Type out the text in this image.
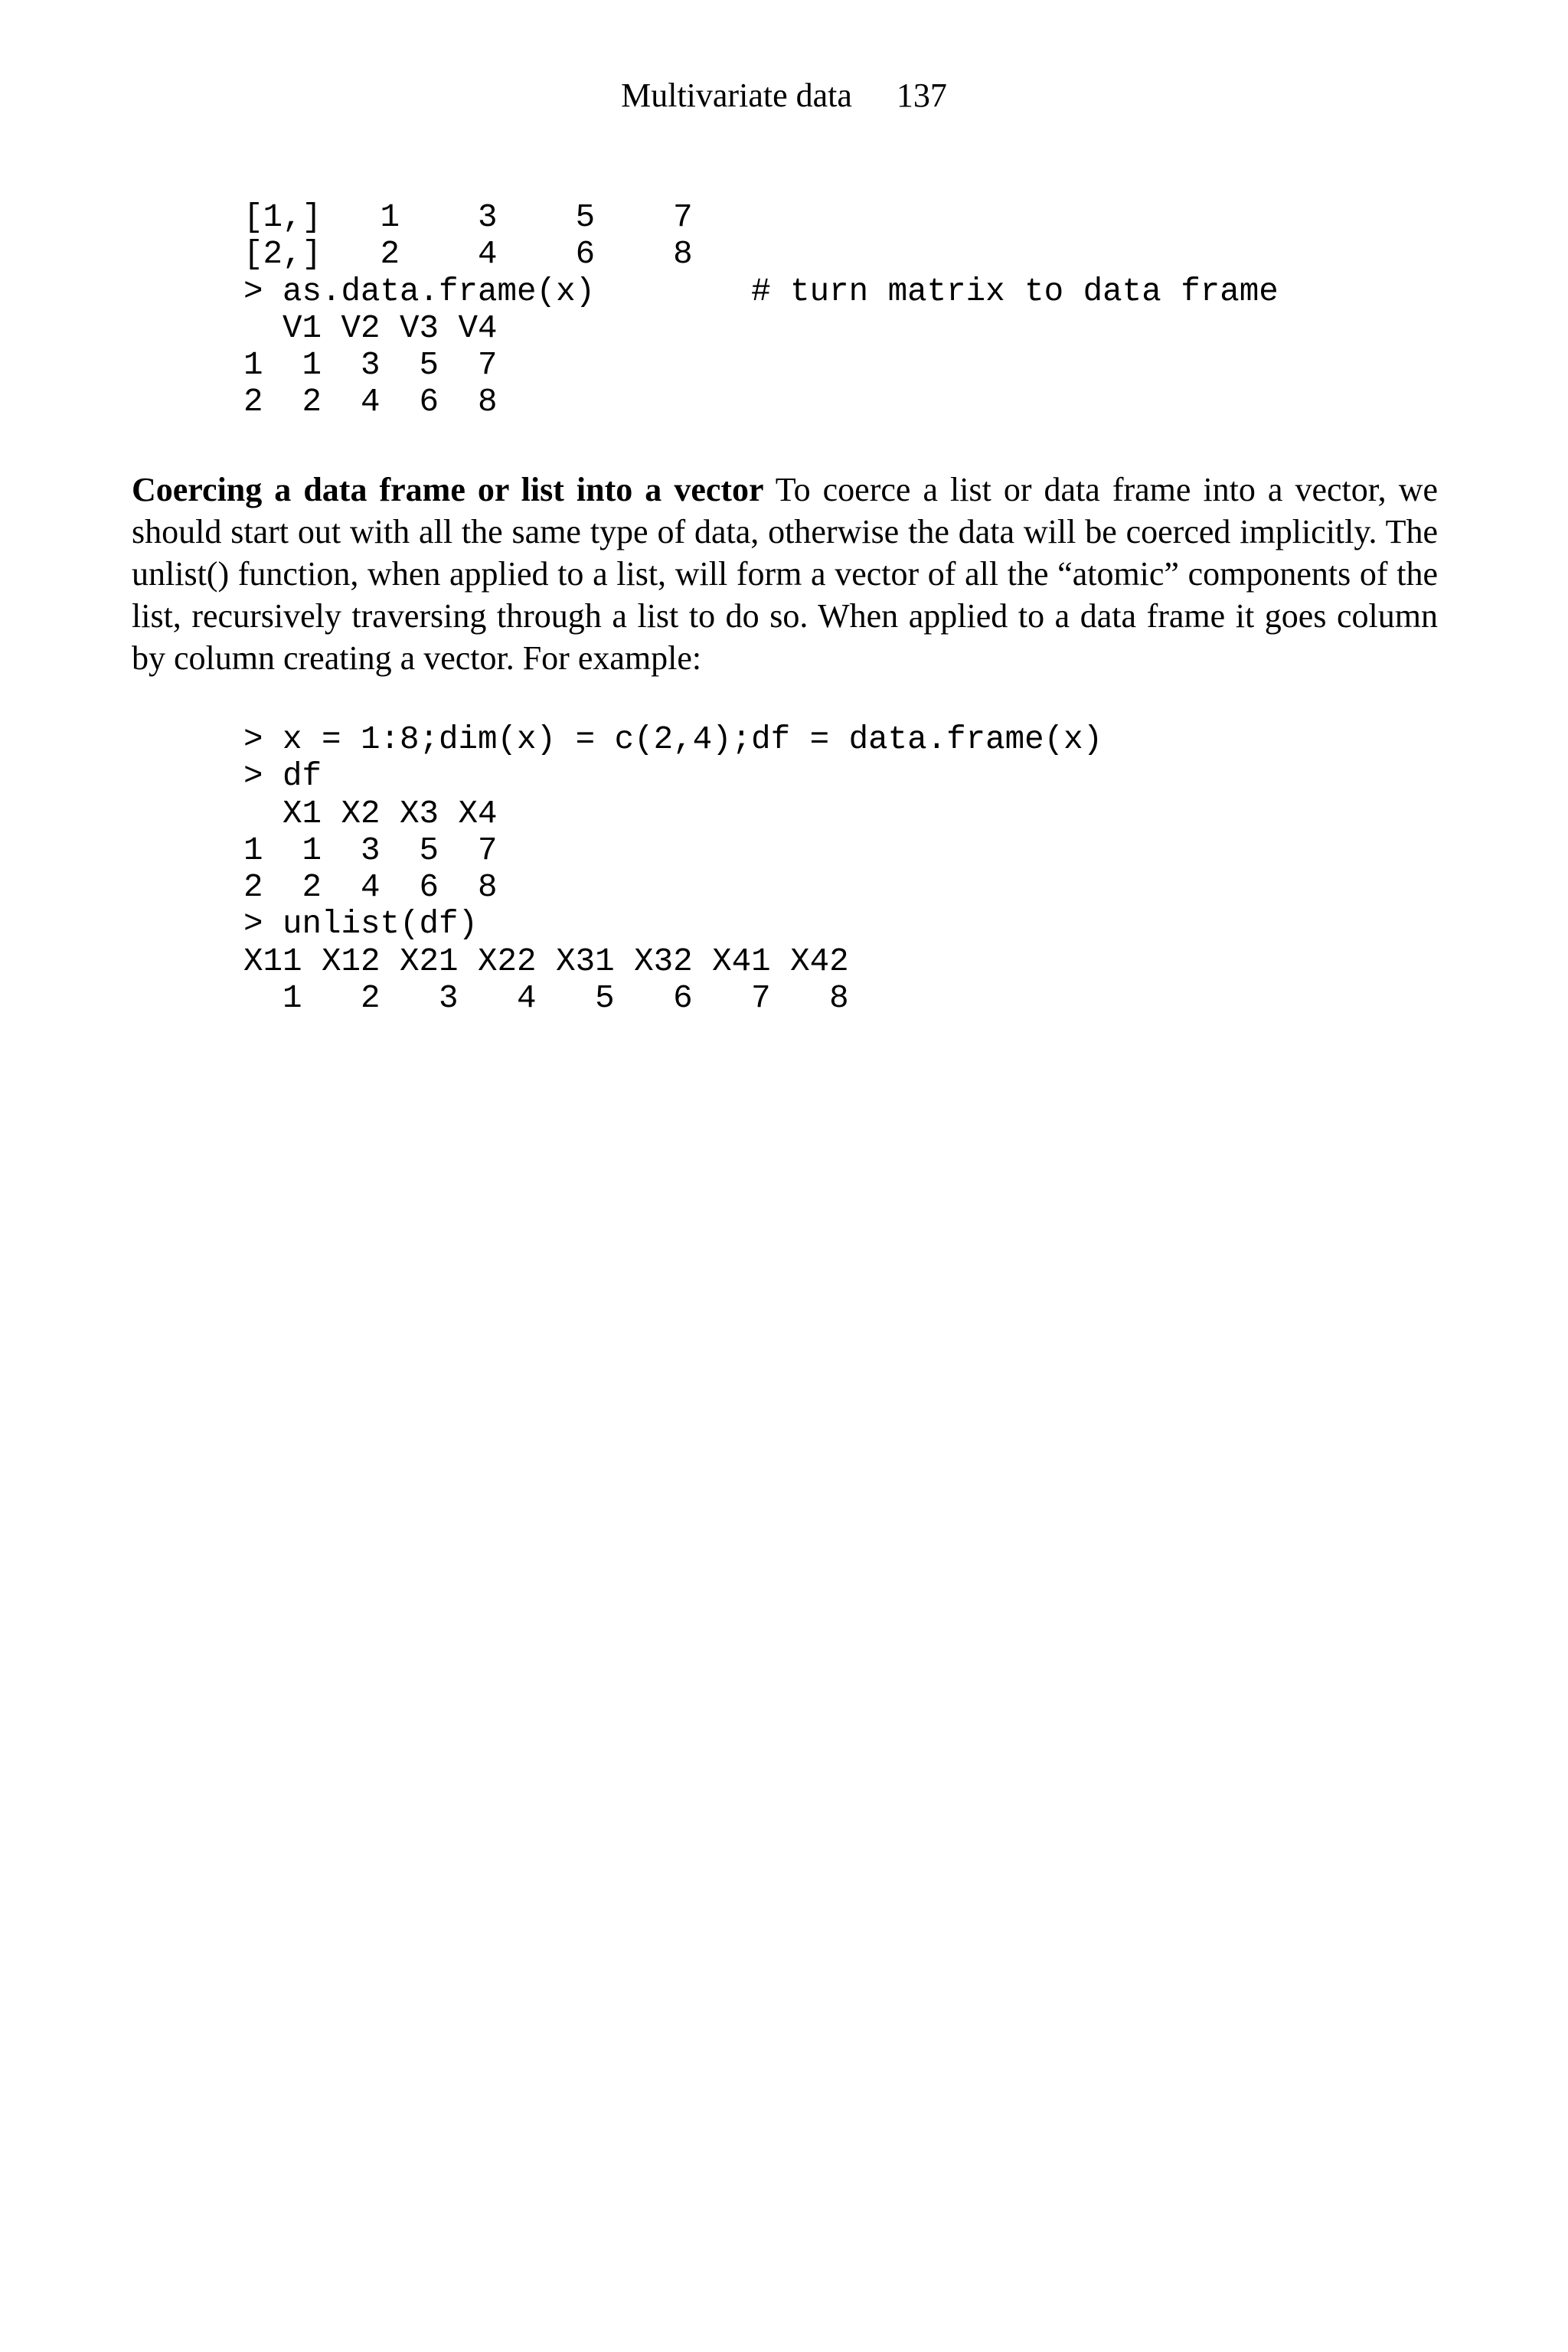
Multivariate data 137
[1,]   1    3    5    7
[2,]   2    4    6    8
> as.data.frame(x)        # turn matrix to data frame
V1 V2 V3 V4
1  1  3  5  7
2  2  4  6  8

Coercing a data frame or list into a vector To coerce a list or data frame into a vector, we should start out with all the same type of data, otherwise the data will be coerced implicitly. The unlist() function, when applied to a list, will form a vector of all the “atomic” components of the list, recursively traversing through a list to do so. When applied to a data frame it goes column by column creating a vector. For example:

> x = 1:8;dim(x) = c(2,4);df = data.frame(x)
> df
X1 X2 X3 X4
1  1  3  5  7
2  2  4  6  8
> unlist(df)
X11 X12 X21 X22 X31 X32 X41 X42
1   2   3   4   5   6   7   8
